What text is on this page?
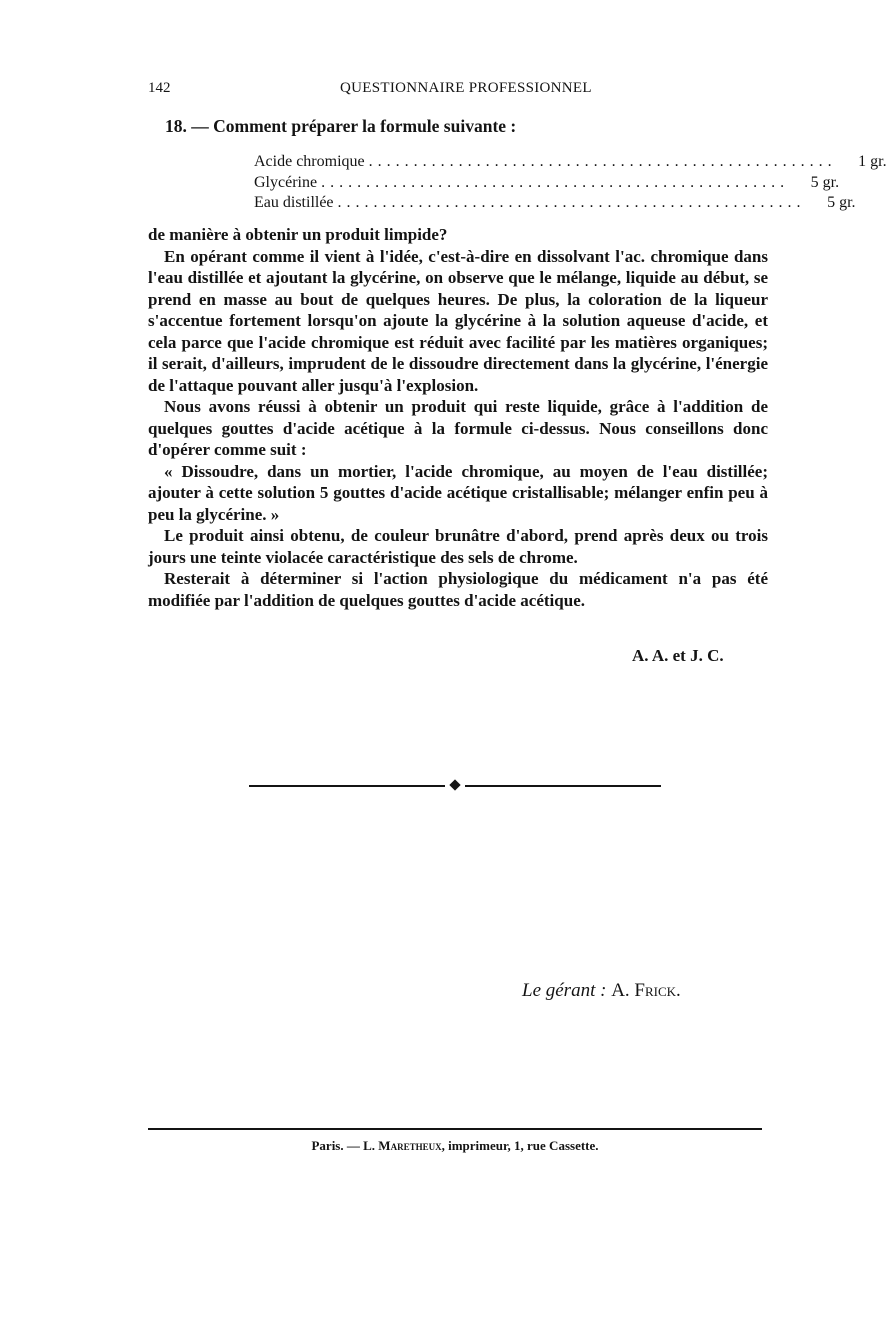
142	QUESTIONNAIRE PROFESSIONNEL
18. — Comment préparer la formule suivante :
Acide chromique ....................................................	1 gr.
Glycérine ....................................................	5 gr.
Eau distillée ....................................................	5 gr.

de manière à obtenir un produit limpide?

En opérant comme il vient à l'idée, c'est-à-dire en dissolvant l'ac. chromique dans l'eau distillée et ajoutant la glycérine, on observe que le mélange, liquide au début, se prend en masse au bout de quelques heures. De plus, la coloration de la liqueur s'accentue fortement lorsqu'on ajoute la glycérine à la solution aqueuse d'acide, et cela parce que l'acide chromique est réduit avec facilité par les matières organiques; il serait, d'ailleurs, imprudent de le dissoudre directement dans la glycérine, l'énergie de l'attaque pouvant aller jusqu'à l'explosion.

Nous avons réussi à obtenir un produit qui reste liquide, grâce à l'addition de quelques gouttes d'acide acétique à la formule ci-dessus. Nous conseillons donc d'opérer comme suit :

« Dissoudre, dans un mortier, l'acide chromique, au moyen de l'eau distillée; ajouter à cette solution 5 gouttes d'acide acétique cristallisable; mélanger enfin peu à peu la glycérine. »

Le produit ainsi obtenu, de couleur brunâtre d'abord, prend après deux ou trois jours une teinte violacée caractéristique des sels de chrome.

Resterait à déterminer si l'action physiologique du médicament n'a pas été modifiée par l'addition de quelques gouttes d'acide acétique.

A. A. et J. C.
Le gérant : A. Frick.
Paris. — L. Maretheux, imprimeur, 1, rue Cassette.
